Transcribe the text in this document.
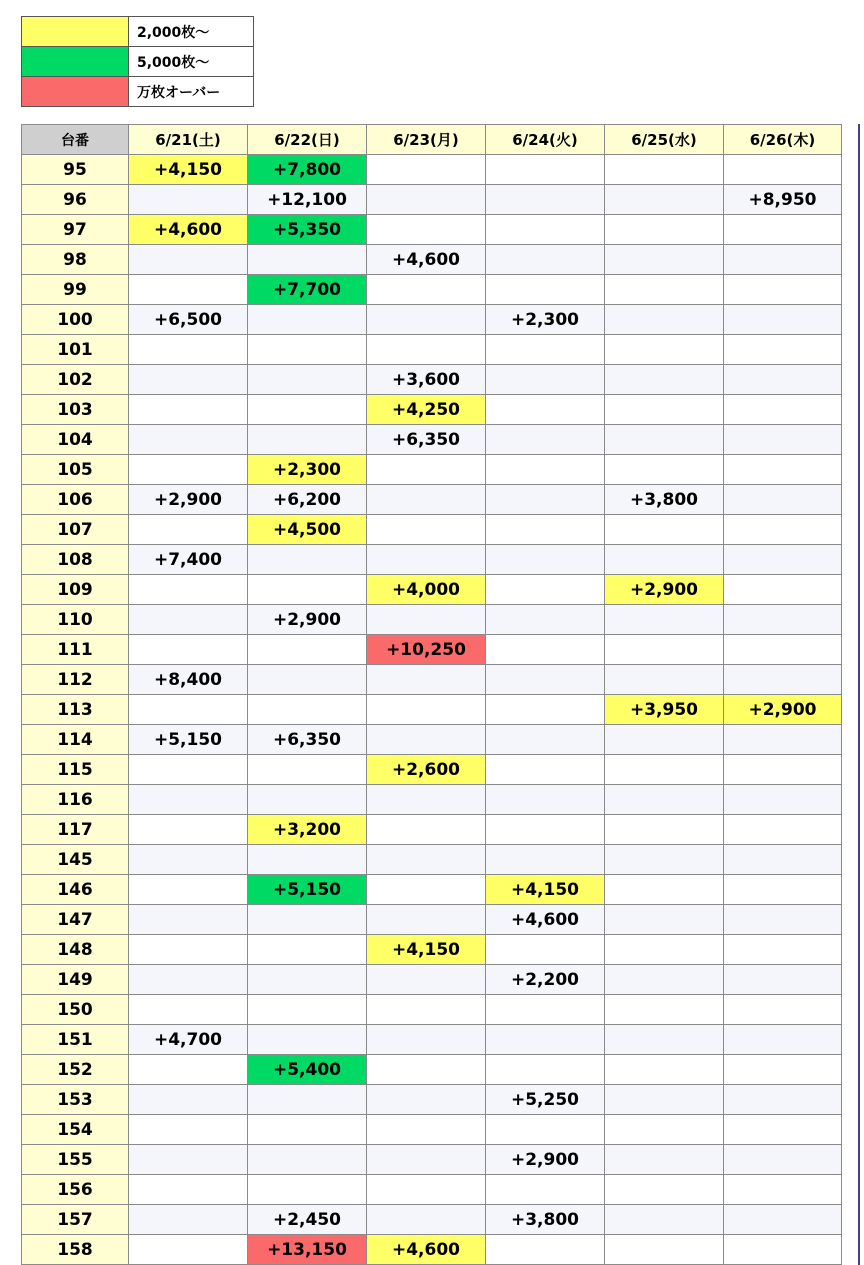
	2,000枚〜
	5,000枚〜
	万枚オーバー
台番	6/21(土)	6/22(日)	6/23(月)	6/24(火)	6/25(水)	6/26(木)
95	+4,150	+7,800				
96		+12,100				+8,950
97	+4,600	+5,350				
98			+4,600			
99		+7,700				
100	+6,500			+2,300		
101						
102			+3,600			
103			+4,250			
104			+6,350			
105		+2,300				
106	+2,900	+6,200			+3,800	
107		+4,500				
108	+7,400					
109			+4,000		+2,900	
110		+2,900				
111			+10,250			
112	+8,400					
113					+3,950	+2,900
114	+5,150	+6,350				
115			+2,600			
116						
117		+3,200				
145						
146		+5,150		+4,150		
147				+4,600		
148			+4,150			
149				+2,200		
150						
151	+4,700					
152		+5,400				
153				+5,250		
154						
155				+2,900		
156						
157		+2,450		+3,800		
158		+13,150	+4,600			
